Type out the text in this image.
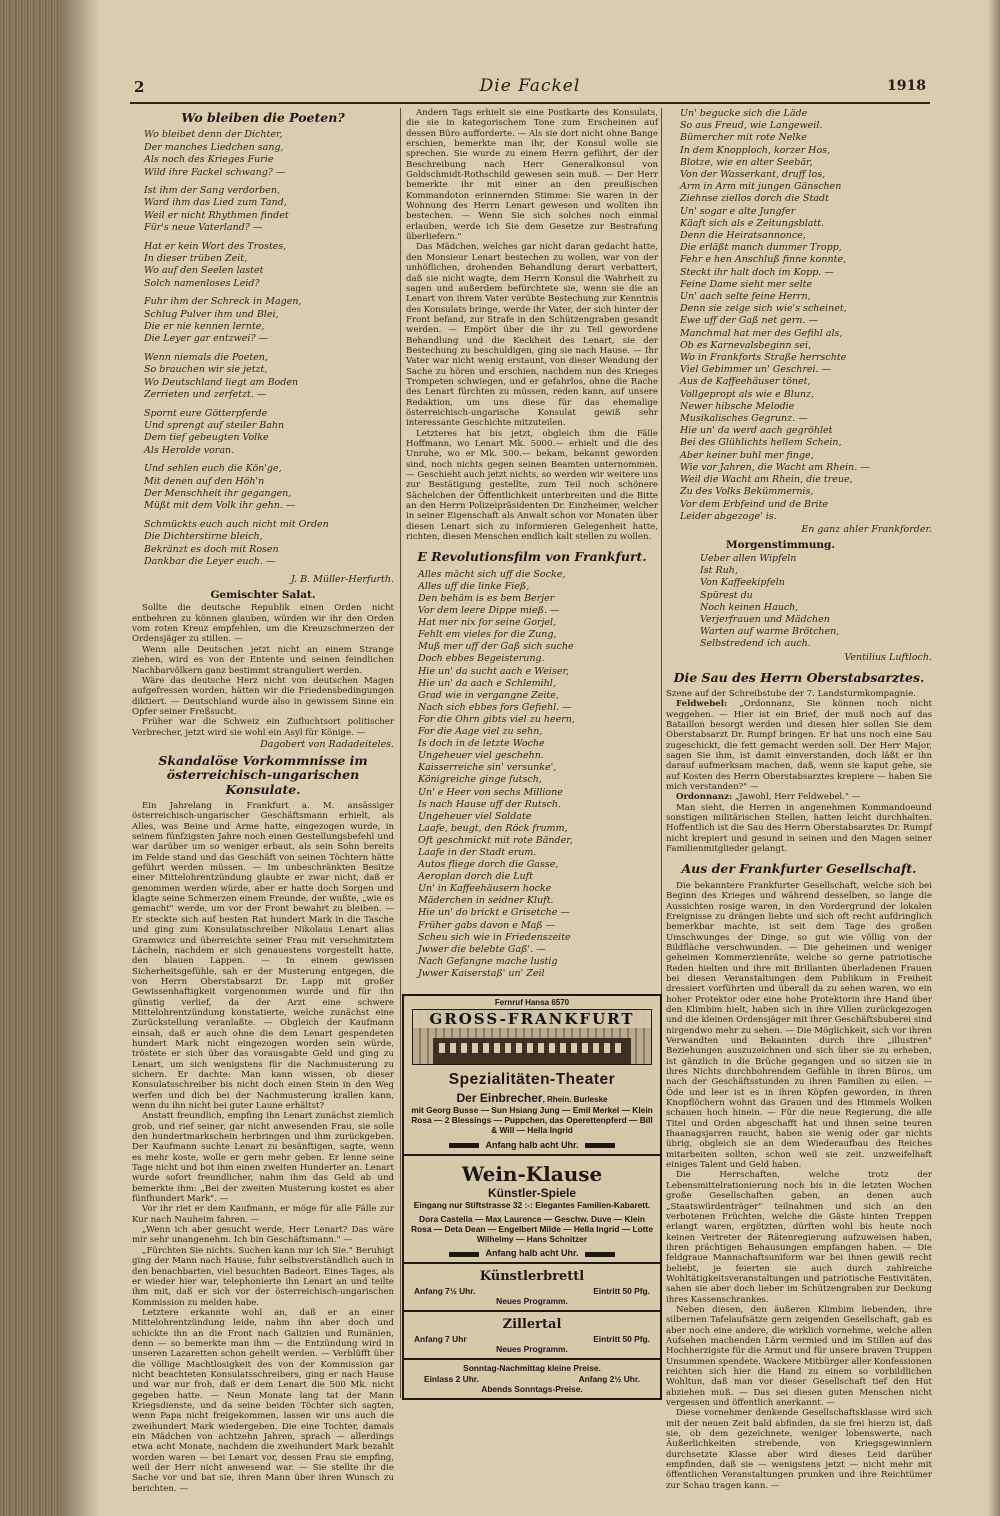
2	Die Fackel	1918
Wo bleiben die Poeten?

Wo bleibet denn der Dichter,
Der manches Liedchen sang,
Als noch des Krieges Furie
Wild ihre Fackel schwang? —

Ist ihm der Sang verdorben,
Ward ihm das Lied zum Tand,
Weil er nicht Rhythmen findet
Für's neue Vaterland? —

Hat er kein Wort des Trostes,
In dieser trüben Zeit,
Wo auf den Seelen lastet
Solch namenloses Leid?

Fuhr ihm der Schreck in Magen,
Schlug Pulver ihm und Blei,
Die er nie kennen lernte,
Die Leyer gar entzwei? —

Wenn niemals die Poeten,
So brauchen wir sie jetzt,
Wo Deutschland liegt am Boden
Zerrieten und zerfetzt. —

Spornt eure Götterpferde
Und sprengt auf steiler Bahn
Dem tief gebeugten Volke
Als Herolde voran.

Und sehlen euch die Kön'ge,
Mit denen auf den Höh'n
Der Menschheit ihr gegangen,
Müßt mit dem Volk ihr gehn. —

Schmückts euch auch nicht mit Orden
Die Dichterstirne bleich,
Bekränzt es doch mit Rosen
Dankbar die Leyer euch. —

J. B. Müller-Herfurth.
Gemischter Salat.

Sollte die deutsche Republik einen Orden nicht entbehren zu können glauben, würden wir ihr den Orden vom roten Kreuz empfehlen, um die Kreuzschmerzen der Ordensjäger zu stillen. —

Wenn alle Deutschen jetzt nicht an einem Strange ziehen, wird es von der Entente und seinen feindlichen Nachbarvölkern ganz bestimmt stranguliert werden.

Wäre das deutsche Herz nicht von deutschen Magen aufgefressen worden, hätten wir die Friedensbedingungen diktiert. — Deutschland wurde also in gewissem Sinne ein Opfer seiner Freßsucht.

Früher war die Schweiz ein Zufluchtsort politischer Verbrecher, jetzt wird sie wohl ein Asyl für Könige. —

Dagobert von Radadeiteles.
Skandalöse Vorkommnisse im österreichisch-ungarischen Konsulate.

Ein Jahrelang in Frankfurt a. M. ansässiger österreichisch-ungarischer Geschäftsmann erhielt, als Alles, was Beine und Arme hatte, eingezogen wurde, in seinem fünfzigsten Jahre noch einen Gestellungsbefehl und war darüber um so weniger erbaut, als sein Sohn bereits im Felde stand und das Geschäft von seinen Töchtern hätte geführt werden müssen. — Im unbeschränkten Besitze einer Mittelohrentzündung glaubte er zwar nicht, daß er genommen werden würde, aber er hatte doch Sorgen und klagte seine Schmerzen einem Freunde, der wußte, „wie es gemacht" werde, um vor der Front bewahrt zu bleiben. — Er steckte sich auf besten Rat hundert Mark in die Tasche und ging zum Konsulatsschreiber Nikolaus Lenart alias Gramwicz und überreichte seiner Frau mit verschmitztem Lächeln, nachdem er sich genauestens vorgestellt hatte, den blauen Lappen. — In einem gewissen Sicherheitsgefühle, sah er der Musterung entgegen, die von Herrn Oberstabsarzt Dr. Lapp mit großer Gewissenhaftigkeit vorgenommen wurde und für ihn günstig verlief, da der Arzt eine schwere Mittelohrentzündung konstatierte, welche zunächst eine Zurückstellung veranlaßte. — Obgleich der Kaufmann einsah, daß er auch ohne die dem Lenart gespendeten hundert Mark nicht eingezogen worden sein würde, tröstete er sich über das vorausgabte Geld und ging zu Lenart, um sich wenigstens für die Nachmusterung zu sichern. Er dachte: Man kann wissen, ob dieser Konsulatsschreiber bis nicht doch einen Stein in den Weg werfen und dich bei der Nachmusterung krallen kann, wenn du ihn nicht bei guter Laune erhältst?

Anstatt freundlich, empfing ihn Lenart zunächst ziemlich grob, und rief seiner, gar nicht anwesenden Frau, sie solle den hundertmarkschein herbringen und ihm zurückgeben. Der Kaufmann suchte Lenart zu besänftigen, sagte, wenn es mehr koste, wolle er gern mehr geben. Er lenne seine Tage nicht und bot ihm einen zweiten Hunderter an. Lenart wurde sofort freundlicher, nahm ihm das Geld ab und bemerkte ihm: „Bei der zweiten Musterung kostet es aber fünfhundert Mark". —

Vor ihr riet er dem Kaufmann, er möge für alle Fälle zur Kur nach Nauheim fahren. —

„Wenn ich aber gesucht werde, Herr Lenart? Das wäre mir sehr unangenehm. Ich bin Geschäftsmann." —

„Fürchten Sie nichts. Suchen kann nur ich Sie." Beruhigt ging der Mann nach Hause, fuhr selbstverständlich auch in den benachbarten, viel besuchten Badeort. Eines Tages, als er wieder hier war, telephonierte ihn Lenart an und teilte ihm mit, daß er sich vor der österreichisch-ungarischen Kommission zu melden habe.

Letztere erkannte wohl an, daß er an einer Mittelohrentzündung leide, nahm ihn aber doch und schickte ihn an die Front nach Galizien und Rumänien, denn — so bemerkte man ihm — die Entzündung wird in unseren Lazaretten schon geheilt werden. — Verblüfft über die völlige Machtlosigkeit des von der Kommission gar nicht beachteten Konsulatsschreibers, ging er nach Hause und war nur froh, daß er dem Lenart die 500 Mk. nicht gegeben hatte. — Neun Monate lang tat der Mann Kriegsdienste, und da seine beiden Töchter sich sagten, wenn Papa nicht freigekommen, lassen wir uns auch die zweihundert Mark wiedergeben. Die eine Tochter, damals ein Mädchen von achtzehn Jahren, sprach — allerdings etwa acht Monate, nachdem die zweihundert Mark bezahlt worden waren — bei Lenart vor, dessen Frau sie empfing, weil der Herr nicht anwesend war. — Sie stellte ihr die Sache vor und bat sie, ihren Mann über ihren Wunsch zu berichten. —

Andern Tags erhielt sie eine Postkarte des Konsulats, die sie in kategorischem Tone zum Erscheinen auf dessen Büro aufforderte. — Als sie dort nicht ohne Bange erschien, bemerkte man ihr, der Konsul wolle sie sprechen. Sie wurde zu einem Herrn geführt, der der Beschreibung nach Herr Generalkonsul von Goldschmidt-Rothschild gewesen sein muß. — Der Herr bemerkte ihr mit einer an den preußischen Kommandoton erinnernden Stimme: Sie waren in der Wohnung des Herrn Lenart gewesen und wollten ihn bestechen. — Wenn Sie sich solches noch einmal erlauben, werde ich Sie dem Gesetze zur Bestrafung überliefern."

Das Mädchen, welches gar nicht daran gedacht hatte, den Monsieur Lenart bestechen zu wollen, war von der unhöflichen, drohenden Behandlung derart verbattert, daß sie nicht wagte, dem Herrn Konsul die Wahrheit zu sagen und außerdem befürchtete sie, wenn sie die an Lenart von ihrem Vater verübte Bestechung zur Kenntnis des Konsulats bringe, werde ihr Vater, der sich hinter der Front befand, zur Strafe in den Schützengraben gesandt werden. — Empört über die ihr zu Teil gewordene Behandlung und die Keckheit des Lenart, sie der Bestechung zu beschuldigen, ging sie nach Hause. — Ihr Vater war nicht wenig erstaunt, von dieser Wendung der Sache zu hören und erschien, nachdem nun des Krieges Trompeten schwiegen, und er gefahrlos, ohne die Rache des Lenart fürchten zu müssen, reden kann, auf unsere Redaktion, um uns diese für das ehemalige österreichisch-ungarische Konsulat gewiß sehr interessante Geschichte mitzuteilen.

Letzteres hat bis jetzt, obgleich ihm die Fälle Hoffmann, wo Lenart Mk. 5000.— erhielt und die des Unruhe, wo er Mk. 500.— bekam, bekannt geworden sind, noch nichts gegen seinen Beamten unternommen. — Geschieht auch jetzt nichts, so werden wir weitere uns zur Bestätigung gestellte, zum Teil noch schönere Sächelchen der Öffentlichkeit unterbreiten und die Bitte an den Herrn Polizeipräsidenten Dr. Einzheimer, welcher in seiner Eigenschaft als Anwalt schon vor Monaten über diesen Lenart sich zu informieren Gelegenheit hatte, richten, diesen Menschen endlich kalt stellen zu wollen.

E Revolutionsfilm von Frankfurt.
Alles mächt sich uff die Socke,
Alles uff die linke Fieß,
Den behäm is es bem Berjer
Vor dem leere Dippe mieß. —
Hat mer nix for seine Gorjel,
Fehlt em vieles for die Zung,
Muß mer uff der Gaß sich suche
Doch ebbes Begeisterung.
Hie un' da sucht aach e Weiser,
Hie un' da aach e Schlemihl,
Grad wie in vergangne Zeite,
Nach sich ebbes fors Gefiehl. —
For die Ohrn gibts viel zu heern,
For die Aage viel zu sehn,
Is doch in de letzte Woche
Ungeheuer viel geschehn.
Kaisserreiche sin' versunke',
Königreiche ginge futsch,
Un' e Heer von sechs Millione
Is nach Hause uff der Rutsch.
Ungeheuer viel Soldate
Laafe, beugt, den Röck frumm,
Oft geschmickt mit rote Bänder,
Laafe in der Stadt erum.
Autos fliege dorch die Gasse,
Aeroplan dorch die Luft
Un' in Kaffeehäusern hocke
Mäderchen in seidner Kluft.
Hie un' do brickt e Grisetche —
Früher gabs davon e Maß —
Scheu sich wie in Friedenszeite
Jwwer die belebte Gaß'. —
Nach Gefangne mache lustig
Jwwer Kaiserstaß' un' Zeil
Fernruf Hansa 6570
GROSS-FRANKFURT
Spezialitäten-Theater
Der Einbrecher, Rhein. Burleske
mit Georg Busse — Sun Hsiang Jung — Emil Merkel — Klein Rosa — 2 Blessings — Puppchen, das Operettenpferd — Bill & Will — Hella Ingrid
Anfang halb acht Uhr.
Wein-Klause
Künstler-Spiele
Eingang nur Stiftstrasse 32 :-: Elegantes Familien-Kabarett.
Dora Castella — Max Laurence — Geschw. Duve — Klein Rosa — Deta Dean — Engelbert Milde — Hella Ingrid — Lotte Wilhelmy — Hans Schnitzer
Anfang halb acht Uhr.
Künstlerbrettl
Anfang 7½ Uhr.	Eintritt 50 Pfg.
Neues Programm.
Zillertal
Anfang 7 Uhr	Eintritt 50 Pfg.
Neues Programm.
Sonntag-Nachmittag kleine Preise.
Einlass 2 Uhr.	Anfang 2½ Uhr.
Abends Sonntags-Preise.
Un' begucke sich die Läde
So aus Freud, wie Langeweil.
Bümercher mit rote Nelke
In dem Knopploch, korzer Hos,
Blotze, wie en alter Seebär,
Von der Wasserkant, druff los,
Arm in Arm mit jungen Gänschen
Ziehnse ziellos dorch die Stadt
Un' sogar e alte Jungfer
Käaft sich als e Zeitungsblatt.
Denn die Heiratsannonce,
Die erläßt manch dummer Tropp,
Fehr e hen Anschluß finne konnte,
Steckt ihr halt doch im Kopp. —
Feine Dame sieht mer selte
Un' aach selte feine Herrn,
Denn sie zeige sich wie's scheinet,
Ewe uff der Gaß net gern. —
Manchmal hat mer des Gefihl als,
Ob es Karnevalsbeginn sei,
Wo in Frankforts Straße herrschte
Viel Gebimmer un' Geschrei. —
Aus de Kaffeehäuser tönet,
Vollgepropt als wie e Blunz,
Newer hibsche Melodie
Musikalisches Gegrunz. —
Hie un' da werd aach gegröhlet
Bei des Glühlichts hellem Schein,
Aber keiner buhl mer finge,
Wie vor Jahren, die Wacht am Rhein. —
Weil die Wacht am Rhein, die treue,
Zu des Volks Bekümmernis,
Vor dem Erbfeind und de Brite
Leider abgezoge' is.
En ganz ahler Frankforder.
Morgenstimmung.
Ueber allen Wipfeln
Ist Ruh,
Von Kaffeekipfeln
Spürest du
Noch keinen Hauch,
Verjerfrauen und Mädchen
Warten auf warme Brötchen,
Selbstredend ich auch.
Ventilius Luftloch.
Die Sau des Herrn Oberstabsarztes.

Szene auf der Schreibstube der 7. Landsturmkompagnie.

Feldwebel: „Ordonnanz, Sie können noch nicht weggehen. — Hier ist ein Brief, der muß noch auf das Bataillon besorgt werden und diesen hier sollen Sie dem Oberstabsarzt Dr. Rumpf bringen. Er hat uns noch eine Sau zugeschickt, die fett gemacht werden soll. Der Herr Major, sagen Sie ihm, ist damit einverstanden, doch läßt er ihn darauf aufmerksam machen, daß, wenn sie kaput gehe, sie auf Kosten des Herrn Oberstabsarztes krepiere — haben Sie mich verstanden?" —

Ordonnanz: „Jawohl, Herr Feldwebel." —

Man sieht, die Herren in angenehmen Kommandoeund sonstigen militärischen Stellen, hatten leicht durchhalten. Hoffentlich ist die Sau des Herrn Oberstabsarztes Dr. Rumpf nicht krepiert und gesund in seinen und den Magen seiner Familienmitglieder gelangt.

Aus der Frankfurter Gesellschaft.

Die bekanntere Frankfurter Gesellschaft, welche sich bei Beginn des Krieges und während desselben, so lange die Aussichten rosige waren, in den Vordergrund der lokalen Ereignisse zu drängen liebte und sich oft recht aufdringlich bemerkbar machte, ist seit dem Tage des großen Umschwunges der Dinge, so gut wie völlig von der Bildfläche verschwunden. — Die geheimen und weniger geheimen Kommerzienräte, welche so gerne patriotische Reden hielten und ihre mit Brillanten überladenen Frauen bei diesen Veranstaltungen dem Publikum in Freiheit dressiert vorführten und überall da zu sehen waren, wo ein hoher Protektor oder eine hohe Protektorin ihre Hand über den Klimbim hielt, haben sich in ihre Villen zurückgezogen und die kleinen Ordensjäger mit ihrer Geschäftsbuberei sind nirgendwo mehr zu sehen. — Die Möglichkeit, sich vor ihren Verwandten und Bekannten durch ihre „illustren" Beziehungen auszuzeichnen und sich über sie zu erheben, ist gänzlich in die Brüche gegangen und so sitzen sie in ihres Nichts durchbohrendem Gefühle in ihren Büros, um nach der Geschäftsstunden zu ihren Familien zu eilen. — Öde und leer ist es in ihren Köpfen geworden, in ihren Knopflöchern wohnt das Grauen und des Himmels Wolken schauen hoch hinein. — Für die neue Regierung, die alle Titel und Orden abgeschafft hat und ihnen seine teuren Ihaanagsjarren raucht, haben sie wenig oder gar nichts übrig, obgleich sie an dem Wiederaufbau des Reiches mitarbeiten sollten, schon weil sie zeit. unzweifelhaft einiges Talent und Geld haben.

Die Herrschaften, welche trotz der Lebensmittelrationierung noch bis in die letzten Wochen große Gesellschaften gaben, an denen auch „Staatswürdenträger" teilnahmen und sich an den verbotenen Früchten, welche die Gäste hinten Treppen erlangt waren, ergötzten, dürften wohl bis heute noch keinen Vertreter der Rätenregierung aufzuweisen haben, ihren prächtigen Behausungen empfangen haben. — Die feldgraue Mannschaftsuniform war bei ihnen gewiß recht beliebt, je feierten sie auch durch zahlreiche Wohltätigkeitsveranstaltungen und patriotische Festivitäten, sahen sie aber doch lieber im Schützengraben zur Deckung ihres Kassenschrankes.

Neben diesen, den äußeren Klimbim liebenden, ihre silbernen Tafelaufsätze gern zeigenden Gesellschaft, gab es aber noch eine andere, die wirklich vornehme, welche allen Aufsehen machenden Lärm vermied und im Stillen auf das Hochherzigste für die Armut und für unsere braven Truppen Unsummen spendete. Wackere Mitbürger aller Konfessionen reichten sich hier die Hand zu einem so vorbildlichen Wohltun, daß man vor dieser Gesellschaft tief den Hut abziehen muß. — Das sei diesen guten Menschen nicht vergessen und öffentlich anerkannt. —

Diese vornehmer denkende Gesellschaftsklasse wird sich mit der neuen Zeit bald abfinden, da sie frei hierzu ist, daß sie, ob dem gezeichnete, weniger lobenswerte, nach Äußerlichkeiten strebende, von Kriegsgewinnlern durchsetzte Klasse aber wird dieses Leid darüber empfinden, daß sie — wenigstens jetzt — nicht mehr mit öffentlichen Veranstaltungen prunken und ihre Reichtümer zur Schau tragen kann. —
